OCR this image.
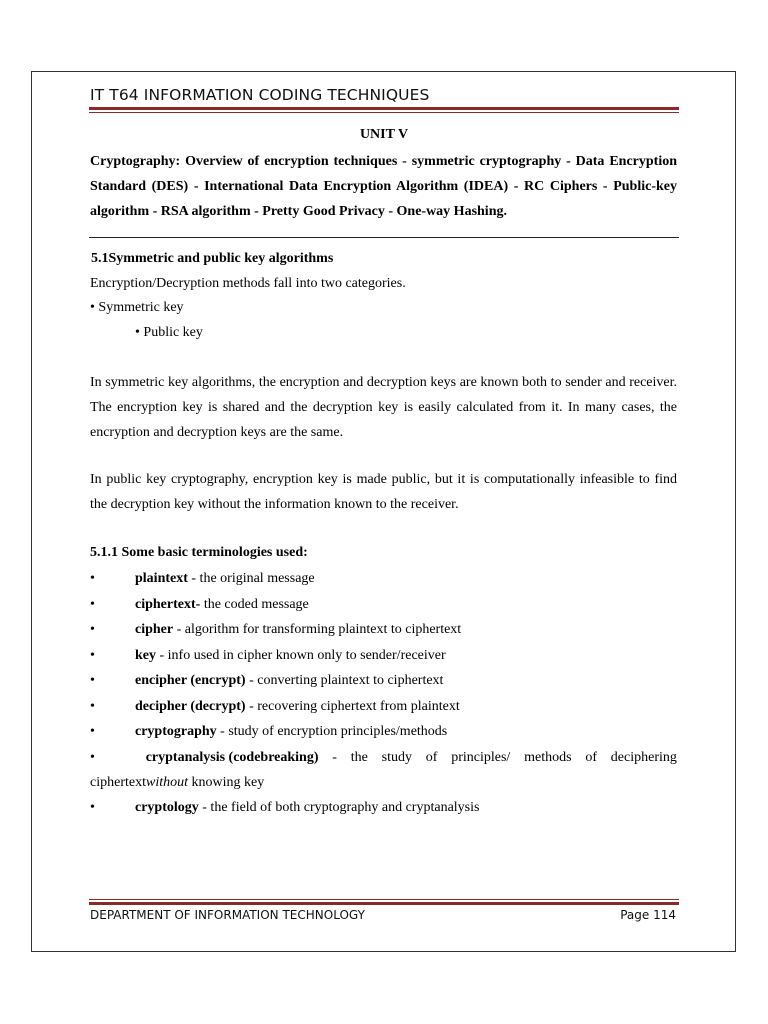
IT T64 INFORMATION CODING TECHNIQUES
UNIT V

Cryptography: Overview of encryption techniques - symmetric cryptography - Data Encryption Standard (DES) - International Data Encryption Algorithm (IDEA) - RC Ciphers - Public-key algorithm - RSA algorithm - Pretty Good Privacy - One-way Hashing.

5.1Symmetric and public key algorithms
Encryption/Decryption methods fall into two categories.
• Symmetric key
• Public key

In symmetric key algorithms, the encryption and decryption keys are known both to sender and receiver. The encryption key is shared and the decryption key is easily calculated from it. In many cases, the encryption and decryption keys are the same.

In public key cryptography, encryption key is made public, but it is computationally infeasible to find the decryption key without the information known to the receiver.

5.1.1 Some basic terminologies used:
•	plaintext - the original message
•	ciphertext- the coded message
•	cipher - algorithm for transforming plaintext to ciphertext
•	key - info used in cipher known only to sender/receiver
•	encipher (encrypt) - converting plaintext to ciphertext
•	decipher (decrypt) - recovering ciphertext from plaintext
•	cryptography - study of encryption principles/methods
•	cryptanalysis (codebreaking) - the study of principles/ methods of deciphering
ciphertextwithout knowing key
•	cryptology - the field of both cryptography and cryptanalysis
DEPARTMENT OF INFORMATION TECHNOLOGY	Page 114
